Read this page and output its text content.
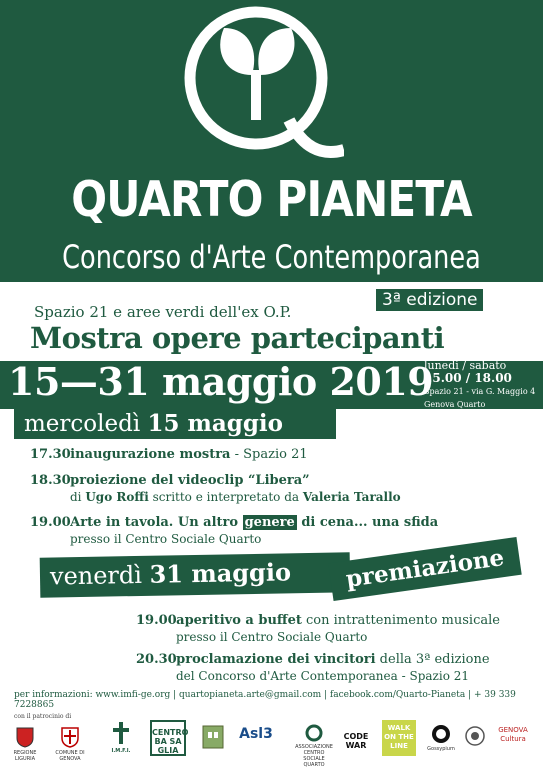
QUARTO PIANETA
Concorso d'Arte Contemporanea
3ª edizione
Spazio 21 e aree verdi dell'ex O.P.
Mostra opere partecipanti
15—31 maggio 2019
lunedì / sabato
15.00 / 18.00
Spazio 21 - via G. Maggio 4
Genova Quarto
mercoledì 15 maggio
17.30 inaugurazione mostra - Spazio 21
18.30 proiezione del videoclip “Libera”
di Ugo Roffi scritto e interpretato da Valeria Tarallo
19.00 Arte in tavola. Un altro genere di cena... una sfida
presso il Centro Sociale Quarto
venerdì 31 maggio	premiazione
19.00 aperitivo a buffet con intrattenimento musicale
presso il Centro Sociale Quarto
20.30 proclamazione dei vincitori della 3ª edizione
del Concorso d'Arte Contemporanea - Spazio 21
per informazioni: www.imfi-ge.org | quartopianeta.arte@gmail.com | facebook.com/Quarto-Pianeta | + 39 339 7228865
con il patrocinio di
REGIONE LIGURIA
COMUNE DI GENOVA
I.M.F.I.
CENTRO BA SA GLIA
Asl3
ASSOCIAZIONE CENTRO SOCIALE QUARTO
CODE WAR
WALK ON THE LINE	Gossypium
GENOVA Cultura
